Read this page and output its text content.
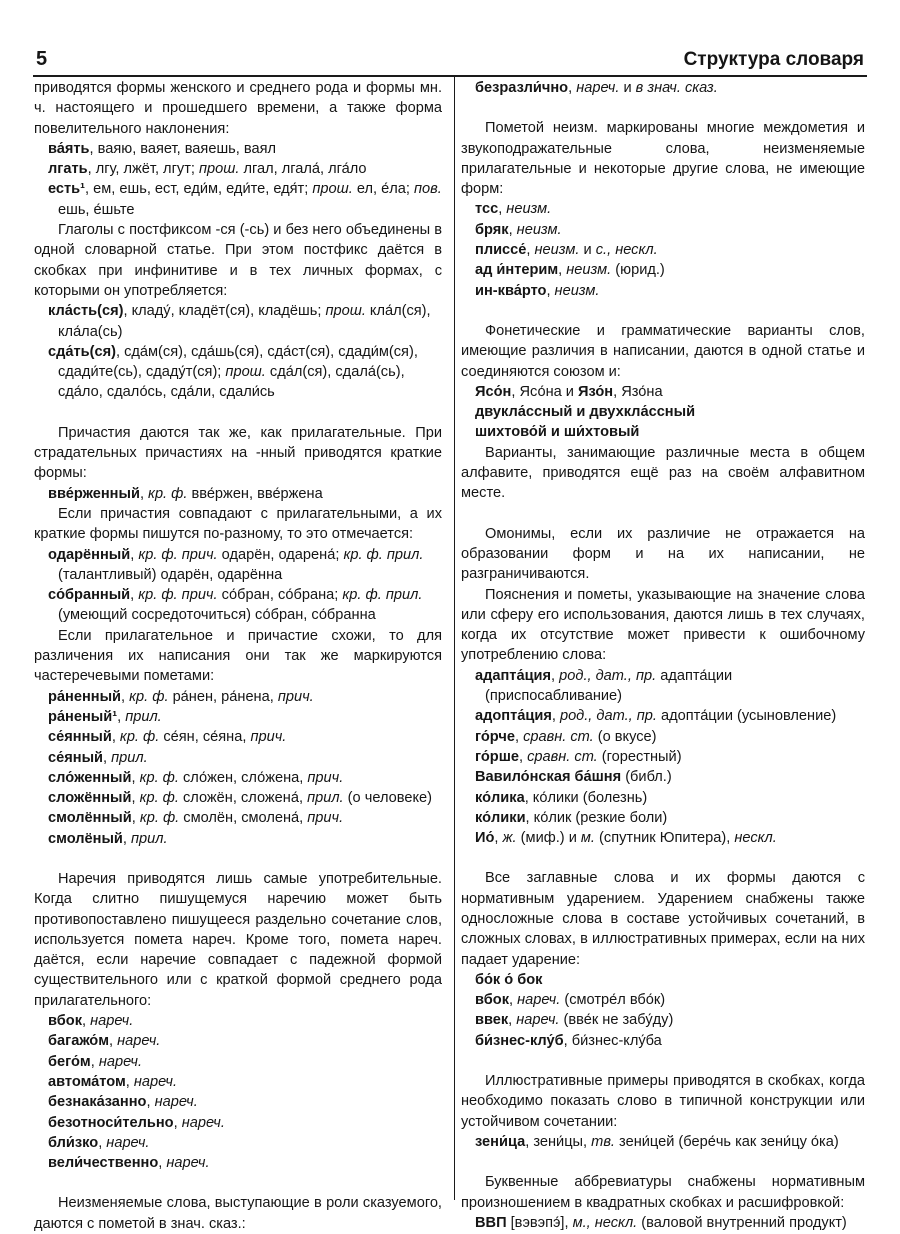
5	Структура словаря

приводятся формы женского и среднего рода и формы мн. ч. настоящего и прошедшего времени, а также форма повелительного наклонения:

ва́ять, ваяю, ваяет, ваяешь, ваял
лгать, лгу, лжёт, лгут; прош. лгал, лгала́, лга́ло
есть¹, ем, ешь, ест, еди́м, еди́те, едя́т; прош. ел, е́ла; пов. ешь, е́шьте

Глаголы с постфиксом -ся (-сь) и без него объединены в одной словарной статье. При этом постфикс даётся в скобках при инфинитиве и в тех личных формах, с которыми он употребляется:

кла́сть(ся), кладу́, кладёт(ся), кладёшь; прош. кла́л(ся), кла́ла(сь)
сда́ть(ся), сда́м(ся), сда́шь(ся), сда́ст(ся), сдади́м(ся), сдади́те(сь), сдаду́т(ся); прош. сда́л(ся), сдала́(сь), сда́ло, сдало́сь, сда́ли, сдали́сь

Причастия даются так же, как прилагательные. При страдательных причастиях на -нный приводятся краткие формы:

вве́рженный, кр. ф. вве́ржен, вве́ржена

Если причастия совпадают с прилагательными, а их краткие формы пишутся по-разному, то это отмечается:

одарённый, кр. ф. прич. одарён, одарена́; кр. ф. прил. (талантливый) одарён, одарённа
со́бранный, кр. ф. прич. со́бран, со́брана; кр. ф. прил. (умеющий сосредоточиться) со́бран, со́бранна

Если прилагательное и причастие схожи, то для различения их написания они так же маркируются частеречевыми пометами:

ра́ненный, кр. ф. ра́нен, ра́нена, прич.
ра́неный¹, прил.
се́янный, кр. ф. се́ян, се́яна, прич.
се́яный, прил.
сло́женный, кр. ф. сло́жен, сло́жена, прич.
сложённый, кр. ф. сложён, сложена́, прил. (о человеке)
смолённый, кр. ф. смолён, смолена́, прич.
смолёный, прил.

Наречия приводятся лишь самые употребительные. Когда слитно пишущемуся наречию может быть противопоставлено пишущееся раздельно сочетание слов, используется помета нареч. Кроме того, помета нареч. даётся, если наречие совпадает с падежной формой существительного или с краткой формой среднего рода прилагательного:

вбок, нареч.
багажо́м, нареч.
бего́м, нареч.
автома́том, нареч.
безнака́занно, нареч.
безотноси́тельно, нареч.
бли́зко, нареч.
вели́чественно, нареч.

Неизменяемые слова, выступающие в роли сказуемого, даются с пометой в знач. сказ.:

безразли́чно, нареч. и в знач. сказ.

Пометой неизм. маркированы многие междометия и звукоподражательные слова, неизменяемые прилагательные и некоторые другие слова, не имеющие форм:

тсс, неизм.
бряк, неизм.
плиссе́, неизм. и с., нескл.
ад и́нтерим, неизм. (юрид.)
ин-ква́рто, неизм.

Фонетические и грамматические варианты слов, имеющие различия в написании, даются в одной статье и соединяются союзом и:

Ясо́н, Ясо́на и Язо́н, Язо́на
двукла́ссный и двухкла́ссный
шихтово́й и ши́хтовый

Варианты, занимающие различные места в общем алфавите, приводятся ещё раз на своём алфавитном месте.

Омонимы, если их различие не отражается на образовании форм и на их написании, не разграничиваются.

Пояснения и пометы, указывающие на значение слова или сферу его использования, даются лишь в тех случаях, когда их отсутствие может привести к ошибочному употреблению слова:

адапта́ция, род., дат., пр. адапта́ции (приспосабливание)
адопта́ция, род., дат., пр. адопта́ции (усыновление)
го́рче, сравн. ст. (о вкусе)
го́рше, сравн. ст. (горестный)
Вавило́нская ба́шня (библ.)
ко́лика, ко́лики (болезнь)
ко́лики, ко́лик (резкие боли)
Ио́, ж. (миф.) и м. (спутник Юпитера), нескл.

Все заглавные слова и их формы даются с нормативным ударением. Ударением снабжены также односложные слова в составе устойчивых сочетаний, в сложных словах, в иллюстративных примерах, если на них падает ударение:

бо́к о́ бок
вбок, нареч. (смотре́л вбо́к)
ввек, нареч. (вве́к не забу́ду)
би́знес-клу́б, би́знес-клу́ба

Иллюстративные примеры приводятся в скобках, когда необходимо показать слово в типичной конструкции или устойчивом сочетании:

зени́ца, зени́цы, тв. зени́цей (бере́чь как зени́цу о́ка)

Буквенные аббревиатуры снабжены нормативным произношением в квадратных скобках и расшифровкой:

ВВП [вэвэпэ́], м., нескл. (валовой внутренний продукт)
